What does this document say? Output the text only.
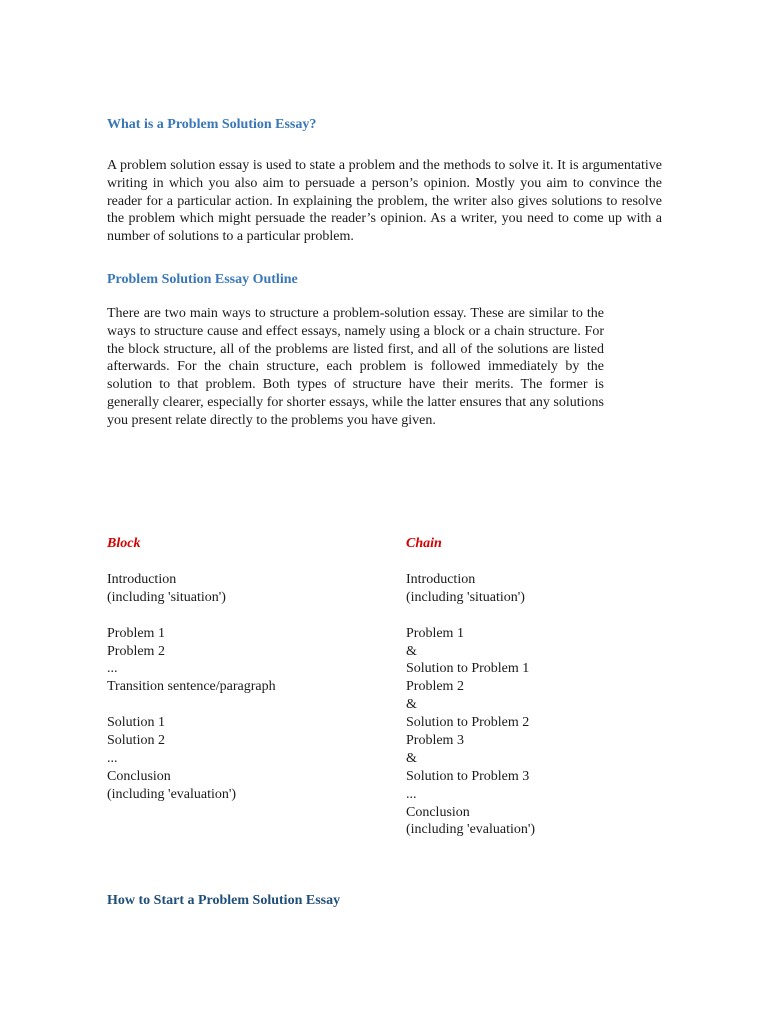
What is a Problem Solution Essay?

A problem solution essay is used to state a problem and the methods to solve it. It is argumentative writing in which you also aim to persuade a person’s opinion. Mostly you aim to convince the reader for a particular action. In explaining the problem, the writer also gives solutions to resolve the problem which might persuade the reader’s opinion. As a writer, you need to come up with a number of solutions to a particular problem.

Problem Solution Essay Outline

There are two main ways to structure a problem-solution essay. These are similar to the ways to structure cause and effect essays, namely using a block or a chain structure. For the block structure, all of the problems are listed first, and all of the solutions are listed afterwards. For the chain structure, each problem is followed immediately by the solution to that problem. Both types of structure have their merits. The former is generally clearer, especially for shorter essays, while the latter ensures that any solutions you present relate directly to the problems you have given.

Block
Introduction
(including 'situation')
Problem 1
Problem 2
...
Transition sentence/paragraph
Solution 1
Solution 2
...
Conclusion
(including 'evaluation')
Chain
Introduction
(including 'situation')
Problem 1
&
Solution to Problem 1
Problem 2
&
Solution to Problem 2
Problem 3
&
Solution to Problem 3
...
Conclusion
(including 'evaluation')
How to Start a Problem Solution Essay
